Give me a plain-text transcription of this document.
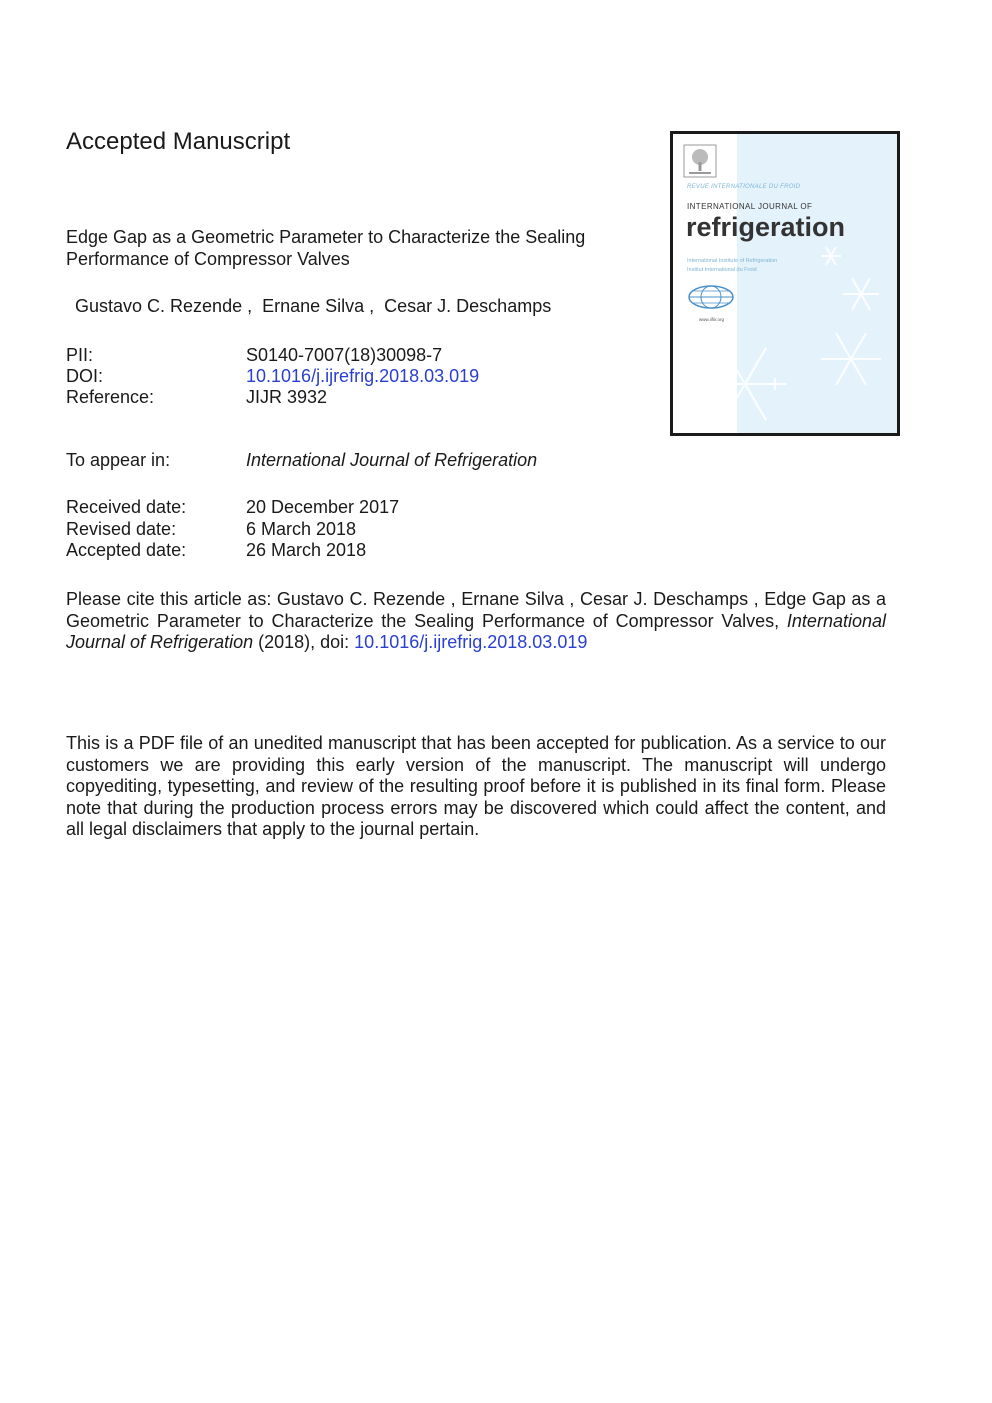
Accepted Manuscript
Edge Gap as a Geometric Parameter to Characterize the Sealing Performance of Compressor Valves
Gustavo C. Rezende ,  Ernane Silva ,  Cesar J. Deschamps
PII:	S0140-7007(18)30098-7
DOI:	10.1016/j.ijrefrig.2018.03.019
Reference:	JIJR 3932
To appear in:	International Journal of Refrigeration
Received date:	20 December 2017
Revised date:	6 March 2018
Accepted date:	26 March 2018
Please cite this article as: Gustavo C. Rezende , Ernane Silva , Cesar J. Deschamps , Edge Gap as a Geometric Parameter to Characterize the Sealing Performance of Compressor Valves, International Journal of Refrigeration (2018), doi: 10.1016/j.ijrefrig.2018.03.019
This is a PDF file of an unedited manuscript that has been accepted for publication. As a service to our customers we are providing this early version of the manuscript. The manuscript will undergo copyediting, typesetting, and review of the resulting proof before it is published in its final form. Please note that during the production process errors may be discovered which could affect the content, and all legal disclaimers that apply to the journal pertain.
REVUE INTERNATIONALE DU FROID
INTERNATIONAL JOURNAL OF
refrigeration
International Institute of Refrigeration
Institut International du Froid
www.iifiir.org
